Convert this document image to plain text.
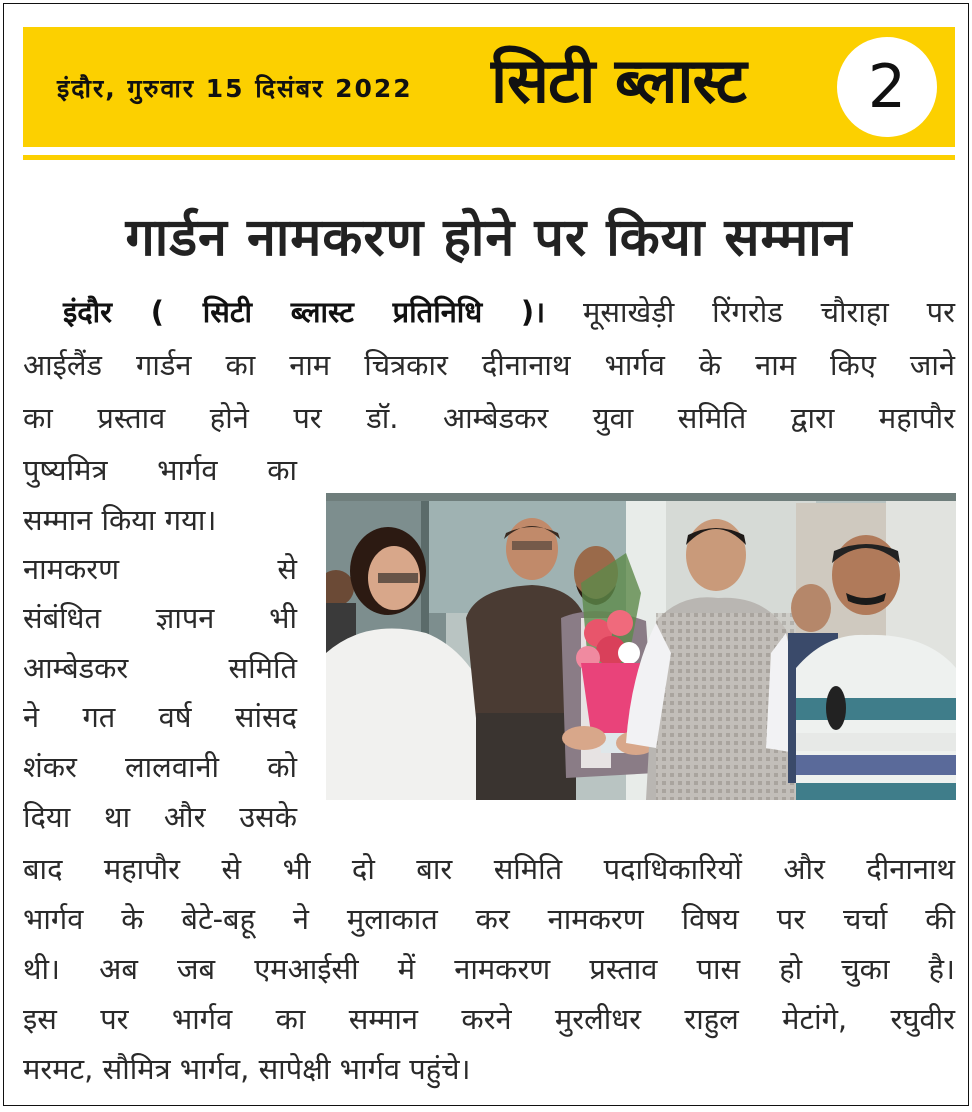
इंदौर, गुरुवार 15 दिसंबर 2022 सिटी ब्लास्ट	2
गार्डन नामकरण होने पर किया सम्मान
इंदौर ( सिटी ब्लास्ट प्रतिनिधि )। मूसाखेड़ी रिंगरोड चौराहा पर
आईलैंड गार्डन का नाम चित्रकार दीनानाथ भार्गव के नाम किए जाने
का प्रस्ताव होने पर डॉ. आम्बेडकर युवा समिति द्वारा महापौर
पुष्यमित्र भार्गव का
सम्मान किया गया।
नामकरण से
संबंधित ज्ञापन भी
आम्बेडकर समिति
ने गत वर्ष सांसद
शंकर लालवानी को
दिया था और उसके
बाद महापौर से भी दो बार समिति पदाधिकारियों और दीनानाथ
भार्गव के बेटे-बहू ने मुलाकात कर नामकरण विषय पर चर्चा की
थी। अब जब एमआईसी में नामकरण प्रस्ताव पास हो चुका है।
इस पर भार्गव का सम्मान करने मुरलीधर राहुल मेटांगे, रघुवीर
मरमट, सौमित्र भार्गव, सापेक्षी भार्गव पहुंचे।
